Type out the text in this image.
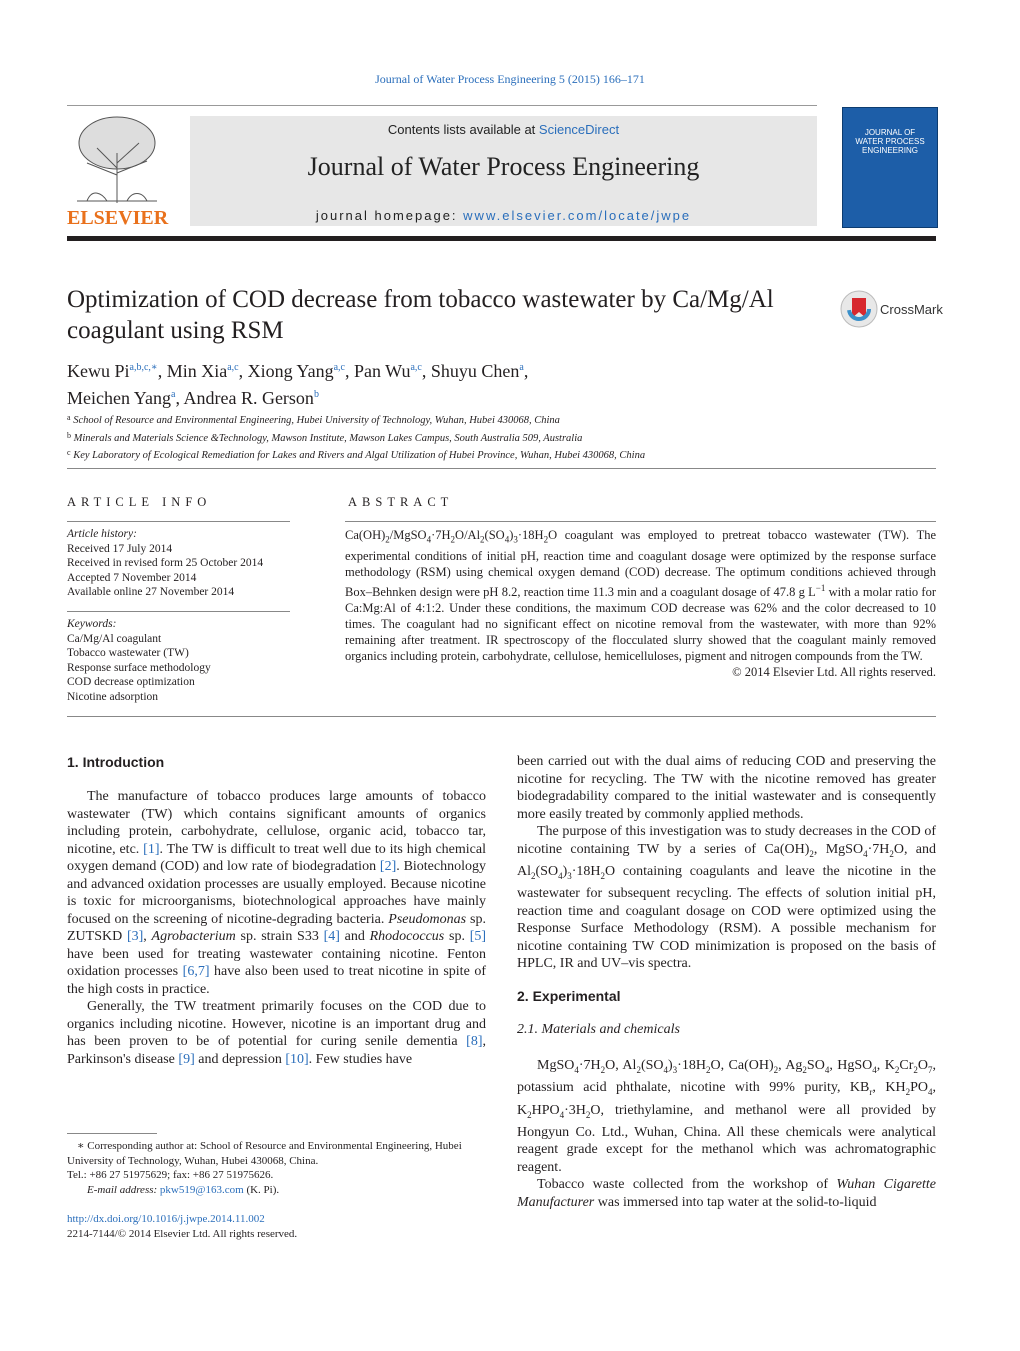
Journal of Water Process Engineering 5 (2015) 166–171
ELSEVIER
Contents lists available at ScienceDirect
Journal of Water Process Engineering
journal homepage: www.elsevier.com/locate/jwpe
JOURNAL OF
WATER PROCESS
ENGINEERING
Optimization of COD decrease from tobacco wastewater by Ca/Mg/Al coagulant using RSM
CrossMark
Kewu $Pi^{a,b,c,∗}$, Min Xia$^{a,c}$, Xiong Yang$^{a,c}$, Pan Wu$^{a,c}$, Shuyu Chen$^a$,
Meichen Yang$^a$, Andrea R. Gerson$^b$
$^a$ School of Resource and Environmental Engineering, Hubei University of Technology, Wuhan, Hubei 430068, China
$^b$ Minerals and Materials Science &Technology, Mawson Institute, Mawson Lakes Campus, South Australia 509, Australia
$^c$ Key Laboratory of Ecological Remediation for Lakes and Rivers and Algal Utilization of Hubei Province, Wuhan, Hubei 430068, China
ARTICLE INFO
Article history:
Received 17 July 2014
Received in revised form 25 October 2014
Accepted 7 November 2014
Available online 27 November 2014
Keywords:
Ca/Mg/Al coagulant
Tobacco wastewater (TW)
Response surface methodology
COD decrease optimization
Nicotine adsorption
ABSTRACT
$Ca(OH)_2/MgSO_4\cdot 7H_2O/Al_2(SO_4)_3\cdot 18H_2O$ coagulant was employed to pretreat tobacco wastewater (TW). The experimental conditions of initial pH, reaction time and coagulant dosage were optimized by the response surface methodology (RSM) using chemical oxygen demand (COD) decrease. The optimum conditions achieved through Box–Behnken design were pH 8.2, reaction time 11.3 min and a coagulant dosage of 47.8 g $L^{-1}$ with a molar ratio for Ca:Mg:Al of 4:1:2. Under these conditions, the maximum COD decrease was 62% and the color decreased to 10 times. The coagulant had no significant effect on nicotine removal from the wastewater, with more than 92% remaining after treatment. IR spectroscopy of the flocculated slurry showed that the coagulant mainly removed organics including protein, carbohydrate, cellulose, hemicelluloses, pigment and nitrogen compounds from the TW.
© 2014 Elsevier Ltd. All rights reserved.
1. Introduction

The manufacture of tobacco produces large amounts of tobacco wastewater (TW) which contains significant amounts of organics including protein, carbohydrate, cellulose, organic acid, tobacco tar, nicotine, etc. [1]. The TW is difficult to treat well due to its high chemical oxygen demand (COD) and low rate of biodegradation [2]. Biotechnology and advanced oxidation processes are usually employed. Because nicotine is toxic for microorganisms, biotechnological approaches have mainly focused on the screening of nicotine-degrading bacteria. Pseudomonas sp. ZUTSKD [3], Agrobacterium sp. strain S33 [4] and Rhodococcus sp. [5] have been used for treating wastewater containing nicotine. Fenton oxidation processes [6,7] have also been used to treat nicotine in spite of the high costs in practice.

Generally, the TW treatment primarily focuses on the COD due to organics including nicotine. However, nicotine is an important drug and has been proven to be of potential for curing senile dementia [8], Parkinson's disease [9] and depression [10]. Few studies have

∗ Corresponding author at: School of Resource and Environmental Engineering, Hubei University of Technology, Wuhan, Hubei 430068, China.
Tel.: +86 27 51975629; fax: +86 27 51975626.
E-mail address: pkw519@163.com (K. Pi).
http://dx.doi.org/10.1016/j.jwpe.2014.11.002
2214-7144/© 2014 Elsevier Ltd. All rights reserved.

been carried out with the dual aims of reducing COD and preserving the nicotine for recycling. The TW with the nicotine removed has greater biodegradability compared to the initial wastewater and is consequently more easily treated by commonly applied methods.

The purpose of this investigation was to study decreases in the COD of nicotine containing TW by a series of $Ca(OH)_2$, $MgSO_4\cdot 7H_2O$, and $Al_2(SO_4)_3\cdot 18H_2O$ containing coagulants and leave the nicotine in the wastewater for subsequent recycling. The effects of solution initial pH, reaction time and coagulant dosage on COD were optimized using the Response Surface Methodology (RSM). A possible mechanism for nicotine containing TW COD minimization is proposed on the basis of HPLC, IR and UV–vis spectra.

2. Experimental
2.1. Materials and chemicals

$MgSO_4\cdot 7H_2O$, $Al_2(SO_4)_3\cdot 18H_2O$, $Ca(OH)_2$, $Ag_2SO_4$, HgSO$_4$, $K_2Cr_2O_7$, potassium acid phthalate, nicotine with 99% purity, $KB_r$, $KH_2PO_4$, $K_2HPO_4\cdot 3H_2O$, triethylamine, and methanol were all provided by Hongyun Co. Ltd., Wuhan, China. All these chemicals were analytical reagent grade except for the methanol which was achromatographic reagent.

Tobacco waste collected from the workshop of Wuhan Cigarette Manufacturer was immersed into tap water at the solid-to-liquid
